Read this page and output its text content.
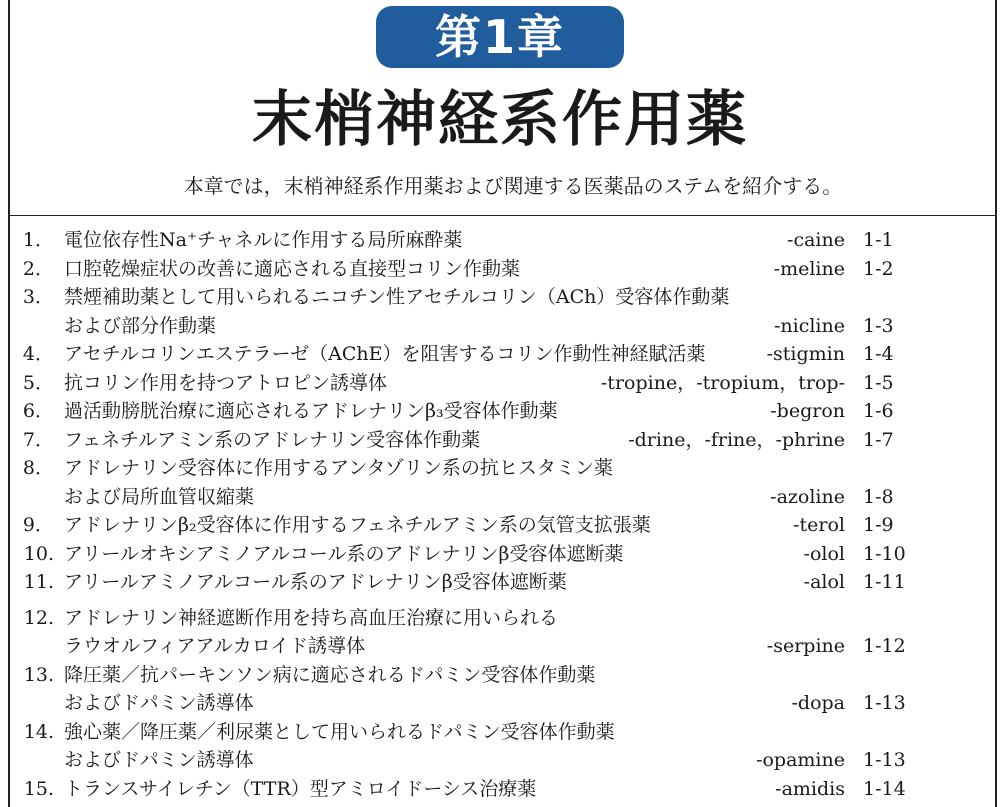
第1章
末梢神経系作用薬
本章では，末梢神経系作用薬および関連する医薬品のステムを紹介する。
1． 電位依存性Na⁺チャネルに作用する局所麻酔薬	-caine 1-1
2． 口腔乾燥症状の改善に適応される直接型コリン作動薬	-meline 1-2
3． 禁煙補助薬として用いられるニコチン性アセチルコリン（ACh）受容体作動薬
および部分作動薬	-nicline 1-3
4． アセチルコリンエステラーゼ（AChE）を阻害するコリン作動性神経賦活薬	-stigmin 1-4
5． 抗コリン作用を持つアトロピン誘導体	-tropine，-tropium，trop- 1-5
6． 過活動膀胱治療に適応されるアドレナリンβ₃受容体作動薬	-begron 1-6
7． フェネチルアミン系のアドレナリン受容体作動薬	-drine，-frine，-phrine 1-7
8． アドレナリン受容体に作用するアンタゾリン系の抗ヒスタミン薬
および局所血管収縮薬	-azoline 1-8
9． アドレナリンβ₂受容体に作用するフェネチルアミン系の気管支拡張薬	-terol 1-9
10. アリールオキシアミノアルコール系のアドレナリンβ受容体遮断薬	-olol 1-10
11. アリールアミノアルコール系のアドレナリンβ受容体遮断薬	-alol 1-11
12. アドレナリン神経遮断作用を持ち高血圧治療に用いられる
ラウオルフィアアルカロイド誘導体	-serpine 1-12
13. 降圧薬／抗パーキンソン病に適応されるドパミン受容体作動薬
およびドパミン誘導体	-dopa 1-13
14. 強心薬／降圧薬／利尿薬として用いられるドパミン受容体作動薬
およびドパミン誘導体	-opamine 1-13
15. トランスサイレチン（TTR）型アミロイドーシス治療薬	-amidis 1-14
